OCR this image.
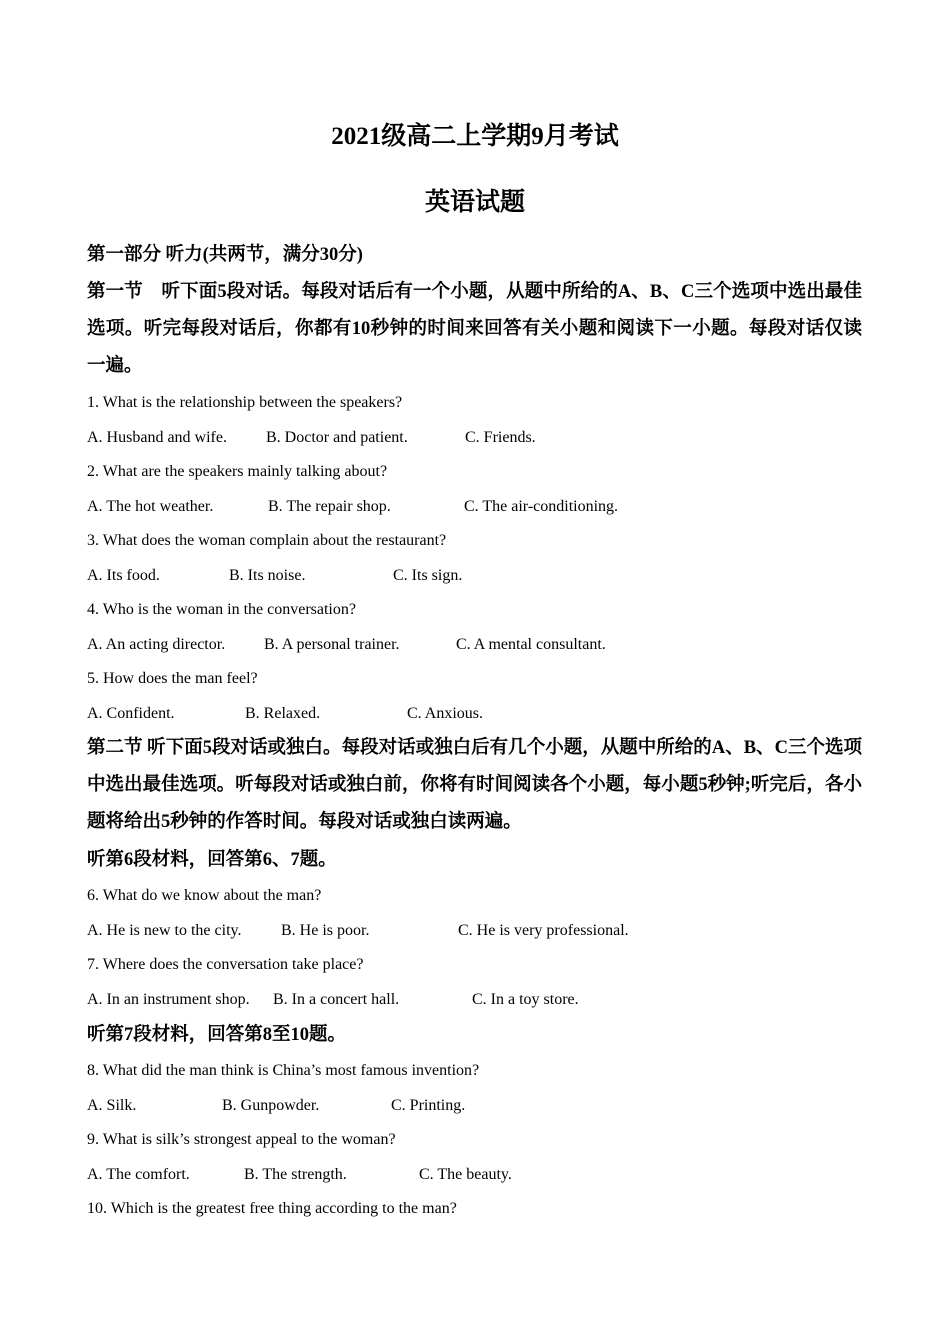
2021级高二上学期9月考试
英语试题
第一部分 听力(共两节，满分30分)
第一节　听下面5段对话。每段对话后有一个小题，从题中所给的A、B、C三个选项中选出最佳选项。听完每段对话后，你都有10秒钟的时间来回答有关小题和阅读下一小题。每段对话仅读一遍。
1. What is the relationship between the speakers?
A. Husband and wife. B. Doctor and patient.	C. Friends.
2. What are the speakers mainly talking about?
A. The hot weather.	B. The repair shop.	C. The air-conditioning.
3. What does the woman complain about the restaurant?
A. Its food.	B. Its noise.	C. Its sign.
4. Who is the woman in the conversation?
A. An acting director. B. A personal trainer.	C. A mental consultant.
5. How does the man feel?
A. Confident.	B. Relaxed.	C. Anxious.
第二节 听下面5段对话或独白。每段对话或独白后有几个小题，从题中所给的A、B、C三个选项中选出最佳选项。听每段对话或独白前，你将有时间阅读各个小题，每小题5秒钟;听完后，各小题将给出5秒钟的作答时间。每段对话或独白读两遍。
听第6段材料，回答第6、7题。
6. What do we know about the man?
A. He is new to the city. B. He is poor.	C. He is very professional.
7. Where does the conversation take place?
A. In an instrument shop. B. In a concert hall.	C. In a toy store.
听第7段材料，回答第8至10题。
8. What did the man think is China’s most famous invention?
A. Silk.	B. Gunpowder.	C. Printing.
9. What is silk’s strongest appeal to the woman?
A. The comfort.	B. The strength.	C. The beauty.
10. Which is the greatest free thing according to the man?
